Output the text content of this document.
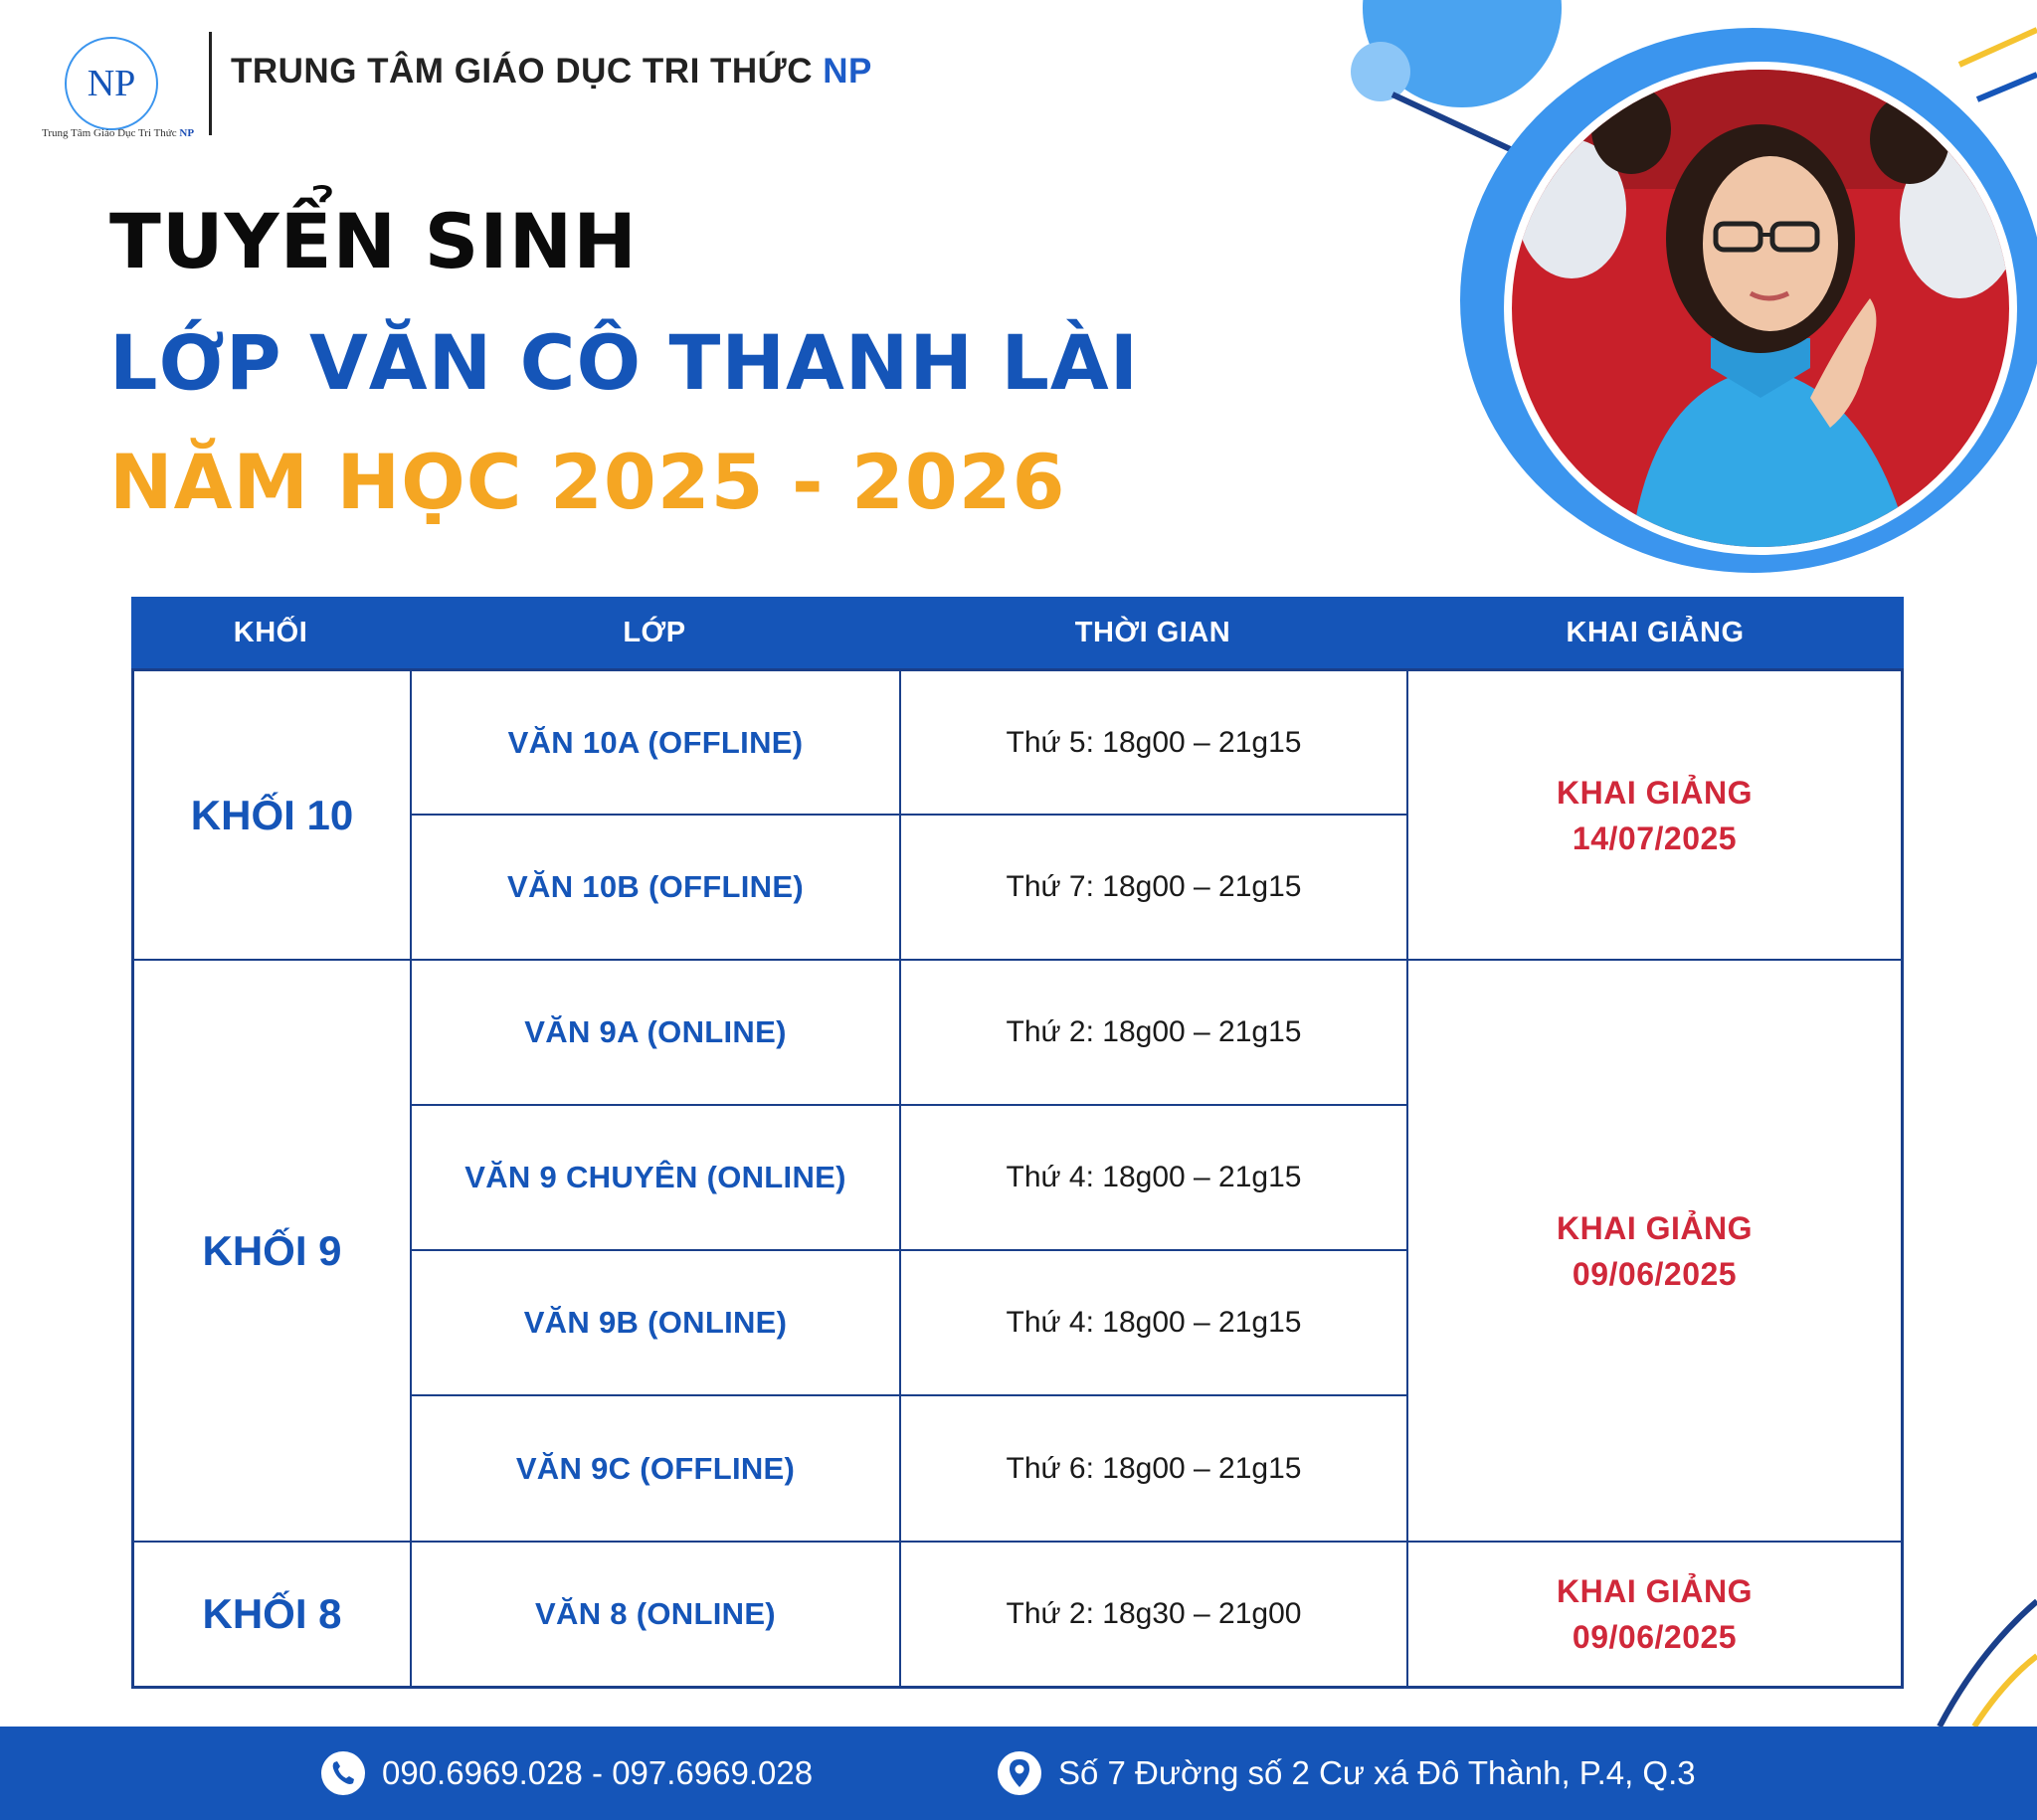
NP
Trung Tâm Giáo Dục Tri Thức NP
TRUNG TÂM GIÁO DỤC TRI THỨC NP
TUYỂN SINH
LỚP VĂN CÔ THANH LÀI
NĂM HỌC 2025 - 2026
KHỐI	LỚP	THỜI GIAN	KHAI GIẢNG
KHỐI 10
VĂN 10A (OFFLINE)	Thứ 5: 18g00 – 21g15
VĂN 10B (OFFLINE)	Thứ 7: 18g00 – 21g15
KHAI GIẢNG
14/07/2025
KHỐI 9
VĂN 9A (ONLINE)	Thứ 2: 18g00 – 21g15
VĂN 9 CHUYÊN (ONLINE)	Thứ 4: 18g00 – 21g15
VĂN 9B (ONLINE)	Thứ 4: 18g00 – 21g15
VĂN 9C (OFFLINE)	Thứ 6: 18g00 – 21g15
KHAI GIẢNG
09/06/2025
KHỐI 8	VĂN 8 (ONLINE)	Thứ 2: 18g30 – 21g00
KHAI GIẢNG
09/06/2025
090.6969.028 - 097.6969.028	Số 7 Đường số 2 Cư xá Đô Thành, P.4, Q.3
